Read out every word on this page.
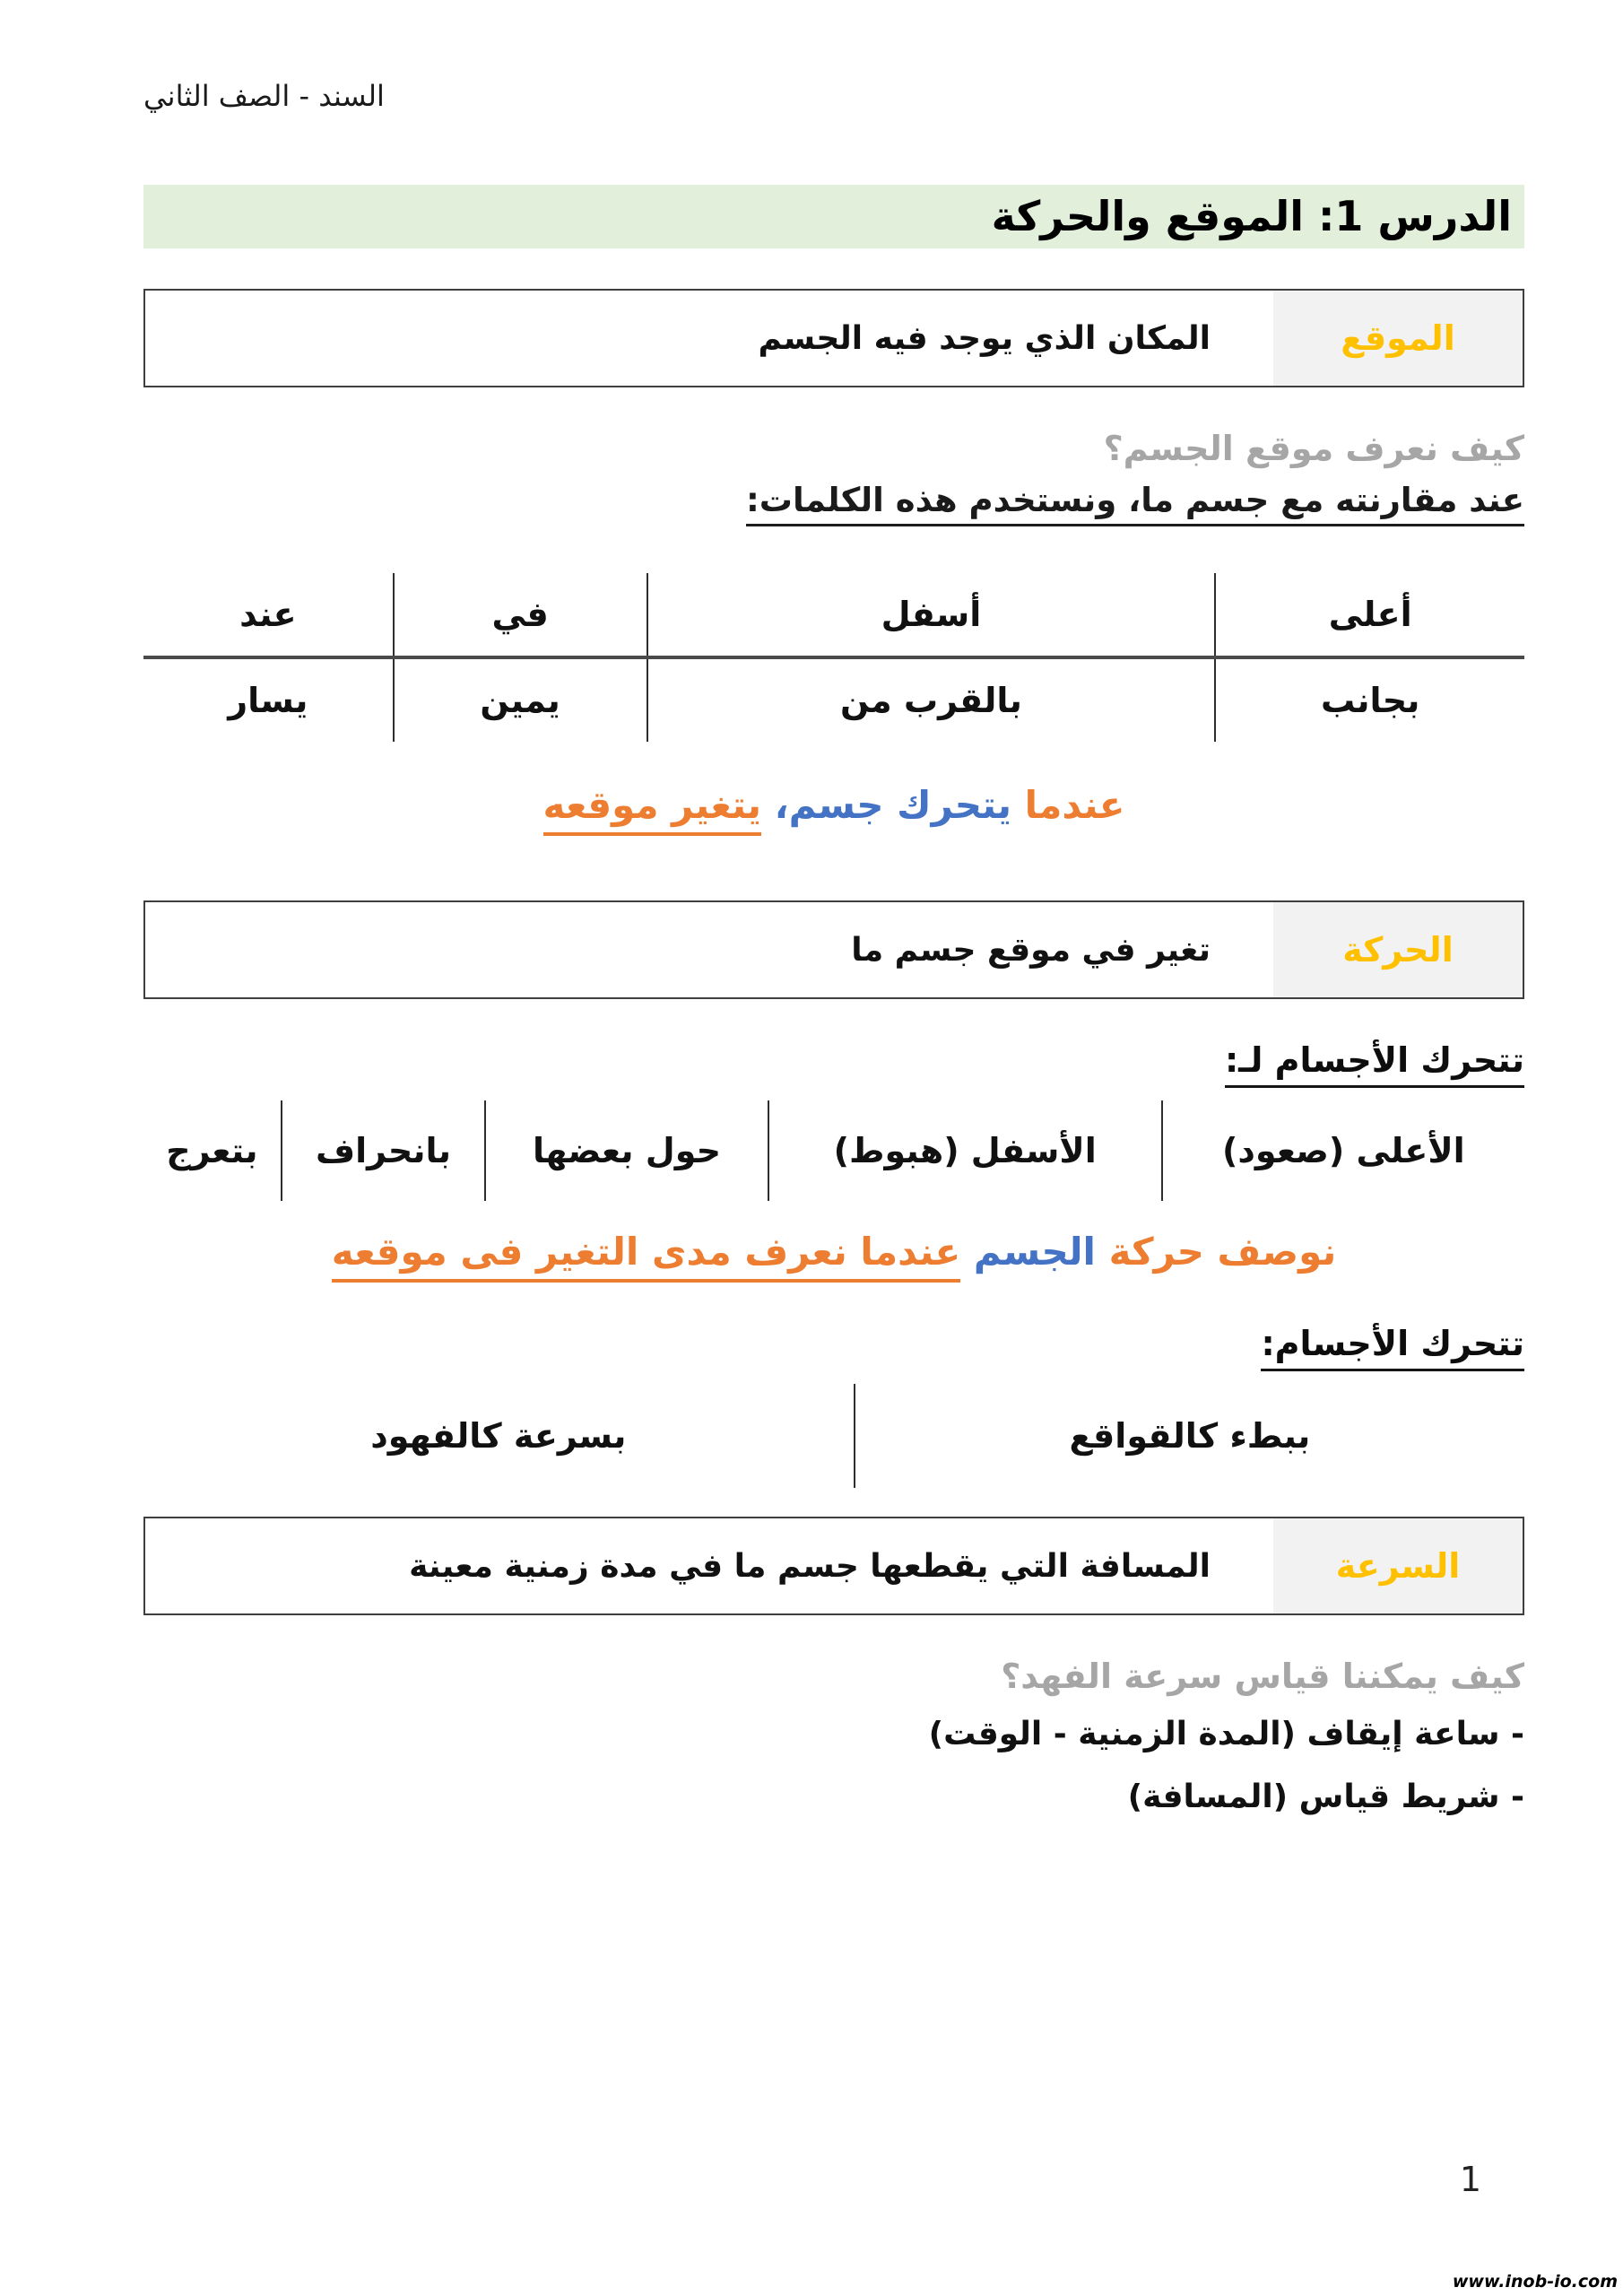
السند - الصف الثاني
الدرس 1: الموقع والحركة
الموقع
المكان الذي يوجد فيه الجسم
كيف نعرف موقع الجسم؟
عند مقارنته مع جسم ما، ونستخدم هذه الكلمات:
أعلى	أسفل	في	عند
بجانب	بالقرب من	يمين	يسار
عندما يتحرك جسم، يتغير موقعه
الحركة
تغير في موقع جسم ما
تتحرك الأجسام لـ:
الأعلى (صعود)	الأسفل (هبوط)	حول بعضها	بانحراف	بتعرج
نوصف حركة الجسم عندما نعرف مدى التغير فى موقعه
تتحرك الأجسام:
ببطء كالقواقع	بسرعة كالفهود
السرعة
المسافة التي يقطعها جسم ما في مدة زمنية معينة
كيف يمكننا قياس سرعة الفهد؟
- ساعة إيقاف (المدة الزمنية - الوقت)
- شريط قياس (المسافة)
1
www.inob-io.com
